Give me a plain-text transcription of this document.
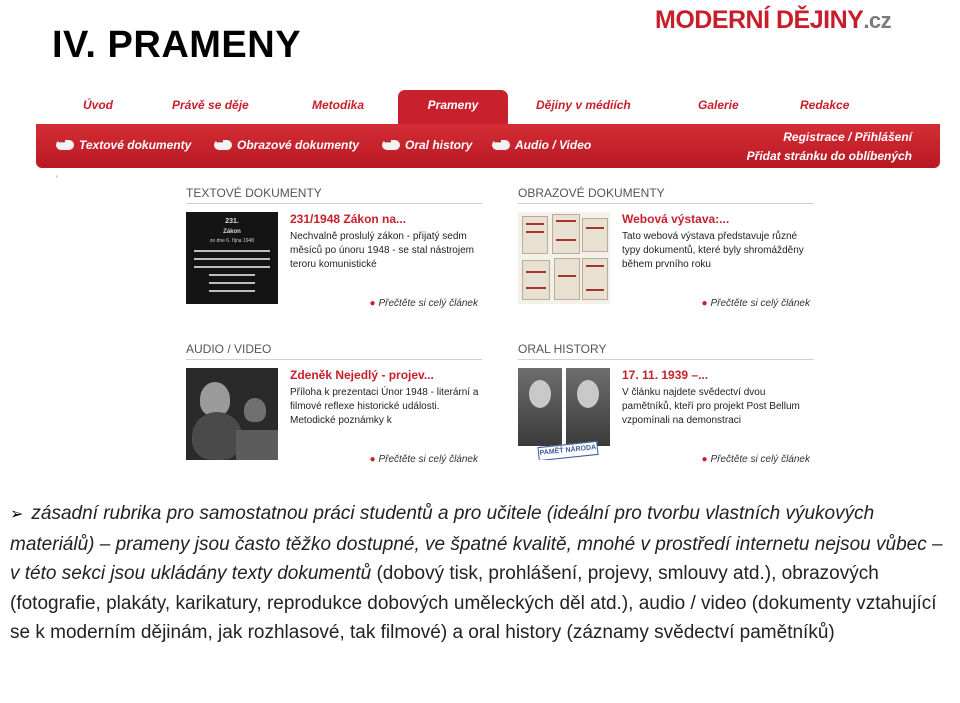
IV. PRAMENY
MODERNÍ DĚJINY.cz
Úvod	Právě se děje	Metodika	Prameny	Dějiny v médiích	Galerie	Redakce
•••
Textové dokumenty •••	Obrazové dokumenty •••	Oral history •••	Audio / Video
Registrace / Přihlášení
Přidat stránku do oblíbených
'
TEXTOVÉ DOKUMENTY
231.
Zákon
ze dne 6. října 1948
231/1948 Zákon na...
Nechvalně proslulý zákon - přijatý sedm měsíců po únoru 1948 - se stal nástrojem teroru komunistické
● Přečtěte si celý článek
OBRAZOVÉ DOKUMENTY
Webová výstava:...
Tato webová výstava představuje různé typy dokumentů, které byly shromážděny během prvního roku
● Přečtěte si celý článek
AUDIO / VIDEO
Zdeněk Nejedlý - projev...
Příloha k prezentaci Únor 1948 - literární a filmové reflexe historické události. Metodické poznámky k
● Přečtěte si celý článek
ORAL HISTORY
PAMĚŤ NÁRODA
17. 11. 1939 –...
V článku najdete svědectví dvou pamětníků, kteří pro projekt Post Bellum vzpomínali na demonstraci
● Přečtěte si celý článek
➢ zásadní rubrika pro samostatnou práci studentů a pro učitele (ideální pro tvorbu vlastních výukových materiálů) – prameny jsou často těžko dostupné, ve špatné kvalitě, mnohé v prostředí internetu nejsou vůbec – v této sekci jsou ukládány texty dokumentů (dobový tisk, prohlášení, projevy, smlouvy atd.), obrazových (fotografie, plakáty, karikatury, reprodukce dobových uměleckých děl atd.), audio / video (dokumenty vztahující se k moderním dějinám, jak rozhlasové, tak filmové) a oral history (záznamy svědectví pamětníků)
